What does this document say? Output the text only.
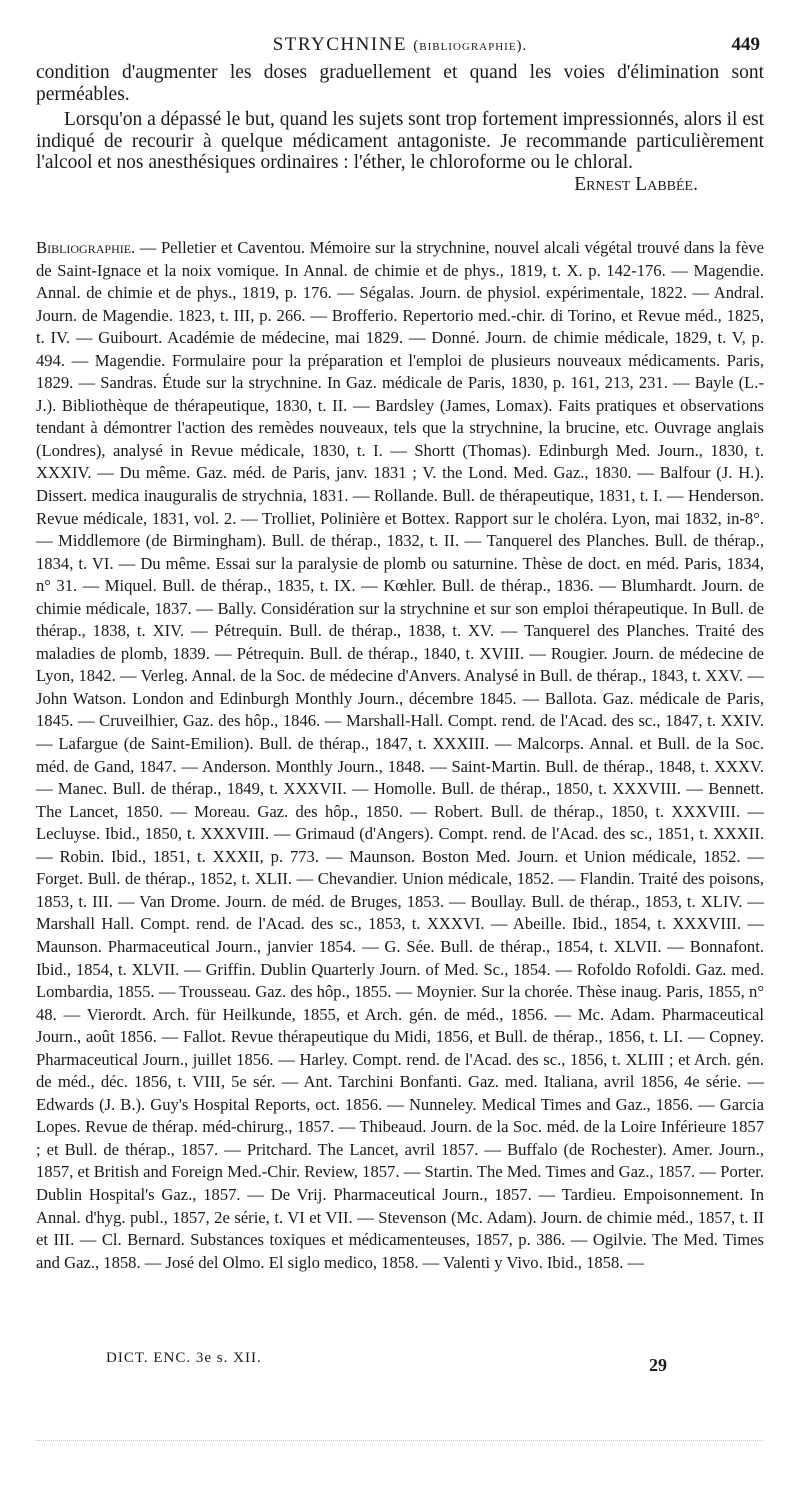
STRYCHNINE (bibliographie).	449

condition d'augmenter les doses graduellement et quand les voies d'élimination sont perméables.

Lorsqu'on a dépassé le but, quand les sujets sont trop fortement impressionnés, alors il est indiqué de recourir à quelque médicament antagoniste. Je recommande particulièrement l'alcool et nos anesthésiques ordinaires : l'éther, le chloroforme ou le chloral.

Ernest Labbée.

Bibliographie. — Pelletier et Caventou. Mémoire sur la strychnine, nouvel alcali végétal trouvé dans la fève de Saint-Ignace et la noix vomique. In Annal. de chimie et de phys., 1819, t. X. p. 142-176. — Magendie. Annal. de chimie et de phys., 1819, p. 176. — Ségalas. Journ. de physiol. expérimentale, 1822. — Andral. Journ. de Magendie. 1823, t. III, p. 266. — Brofferio. Repertorio med.-chir. di Torino, et Revue méd., 1825, t. IV. — Guibourt. Académie de médecine, mai 1829. — Donné. Journ. de chimie médicale, 1829, t. V, p. 494. — Magendie. Formulaire pour la préparation et l'emploi de plusieurs nouveaux médicaments. Paris, 1829. — Sandras. Étude sur la strychnine. In Gaz. médicale de Paris, 1830, p. 161, 213, 231. — Bayle (L.-J.). Bibliothèque de thérapeutique, 1830, t. II. — Bardsley (James, Lomax). Faits pratiques et observations tendant à démontrer l'action des remèdes nouveaux, tels que la strychnine, la brucine, etc. Ouvrage anglais (Londres), analysé in Revue médicale, 1830, t. I. — Shortt (Thomas). Edinburgh Med. Journ., 1830, t. XXXIV. — Du même. Gaz. méd. de Paris, janv. 1831 ; V. the Lond. Med. Gaz., 1830. — Balfour (J. H.). Dissert. medica inauguralis de strychnia, 1831. — Rollande. Bull. de thérapeutique, 1831, t. I. — Henderson. Revue médicale, 1831, vol. 2. — Trolliet, Polinière et Bottex. Rapport sur le choléra. Lyon, mai 1832, in-8°. — Middlemore (de Birmingham). Bull. de thérap., 1832, t. II. — Tanquerel des Planches. Bull. de thérap., 1834, t. VI. — Du même. Essai sur la paralysie de plomb ou saturnine. Thèse de doct. en méd. Paris, 1834, n° 31. — Miquel. Bull. de thérap., 1835, t. IX. — Kœhler. Bull. de thérap., 1836. — Blumhardt. Journ. de chimie médicale, 1837. — Bally. Considération sur la strychnine et sur son emploi thérapeutique. In Bull. de thérap., 1838, t. XIV. — Pétrequin. Bull. de thérap., 1838, t. XV. — Tanquerel des Planches. Traité des maladies de plomb, 1839. — Pétrequin. Bull. de thérap., 1840, t. XVIII. — Rougier. Journ. de médecine de Lyon, 1842. — Verleg. Annal. de la Soc. de médecine d'Anvers. Analysé in Bull. de thérap., 1843, t. XXV. — John Watson. London and Edinburgh Monthly Journ., décembre 1845. — Ballota. Gaz. médicale de Paris, 1845. — Cruveilhier, Gaz. des hôp., 1846. — Marshall-Hall. Compt. rend. de l'Acad. des sc., 1847, t. XXIV. — Lafargue (de Saint-Emilion). Bull. de thérap., 1847, t. XXXIII. — Malcorps. Annal. et Bull. de la Soc. méd. de Gand, 1847. — Anderson. Monthly Journ., 1848. — Saint-Martin. Bull. de thérap., 1848, t. XXXV. — Manec. Bull. de thérap., 1849, t. XXXVII. — Homolle. Bull. de thérap., 1850, t. XXXVIII. — Bennett. The Lancet, 1850. — Moreau. Gaz. des hôp., 1850. — Robert. Bull. de thérap., 1850, t. XXXVIII. — Lecluyse. Ibid., 1850, t. XXXVIII. — Grimaud (d'Angers). Compt. rend. de l'Acad. des sc., 1851, t. XXXII. — Robin. Ibid., 1851, t. XXXII, p. 773. — Maunson. Boston Med. Journ. et Union médicale, 1852. — Forget. Bull. de thérap., 1852, t. XLII. — Chevandier. Union médicale, 1852. — Flandin. Traité des poisons, 1853, t. III. — Van Drome. Journ. de méd. de Bruges, 1853. — Boullay. Bull. de thérap., 1853, t. XLIV. — Marshall Hall. Compt. rend. de l'Acad. des sc., 1853, t. XXXVI. — Abeille. Ibid., 1854, t. XXXVIII. — Maunson. Pharmaceutical Journ., janvier 1854. — G. Sée. Bull. de thérap., 1854, t. XLVII. — Bonnafont. Ibid., 1854, t. XLVII. — Griffin. Dublin Quarterly Journ. of Med. Sc., 1854. — Rofoldo Rofoldi. Gaz. med. Lombardia, 1855. — Trousseau. Gaz. des hôp., 1855. — Moynier. Sur la chorée. Thèse inaug. Paris, 1855, n° 48. — Vierordt. Arch. für Heilkunde, 1855, et Arch. gén. de méd., 1856. — Mc. Adam. Pharmaceutical Journ., août 1856. — Fallot. Revue thérapeutique du Midi, 1856, et Bull. de thérap., 1856, t. LI. — Copney. Pharmaceutical Journ., juillet 1856. — Harley. Compt. rend. de l'Acad. des sc., 1856, t. XLIII ; et Arch. gén. de méd., déc. 1856, t. VIII, 5e sér. — Ant. Tarchini Bonfanti. Gaz. med. Italiana, avril 1856, 4e série. — Edwards (J. B.). Guy's Hospital Reports, oct. 1856. — Nunneley. Medical Times and Gaz., 1856. — Garcia Lopes. Revue de thérap. méd-chirurg., 1857. — Thibeaud. Journ. de la Soc. méd. de la Loire Inférieure 1857 ; et Bull. de thérap., 1857. — Pritchard. The Lancet, avril 1857. — Buffalo (de Rochester). Amer. Journ., 1857, et British and Foreign Med.-Chir. Review, 1857. — Startin. The Med. Times and Gaz., 1857. — Porter. Dublin Hospital's Gaz., 1857. — De Vrij. Pharmaceutical Journ., 1857. — Tardieu. Empoisonnement. In Annal. d'hyg. publ., 1857, 2e série, t. VI et VII. — Stevenson (Mc. Adam). Journ. de chimie méd., 1857, t. II et III. — Cl. Bernard. Substances toxiques et médicamenteuses, 1857, p. 386. — Ogilvie. The Med. Times and Gaz., 1858. — José del Olmo. El siglo medico, 1858. — Valenti y Vivo. Ibid., 1858. —

DICT. ENC. 3e s. XII.	29
